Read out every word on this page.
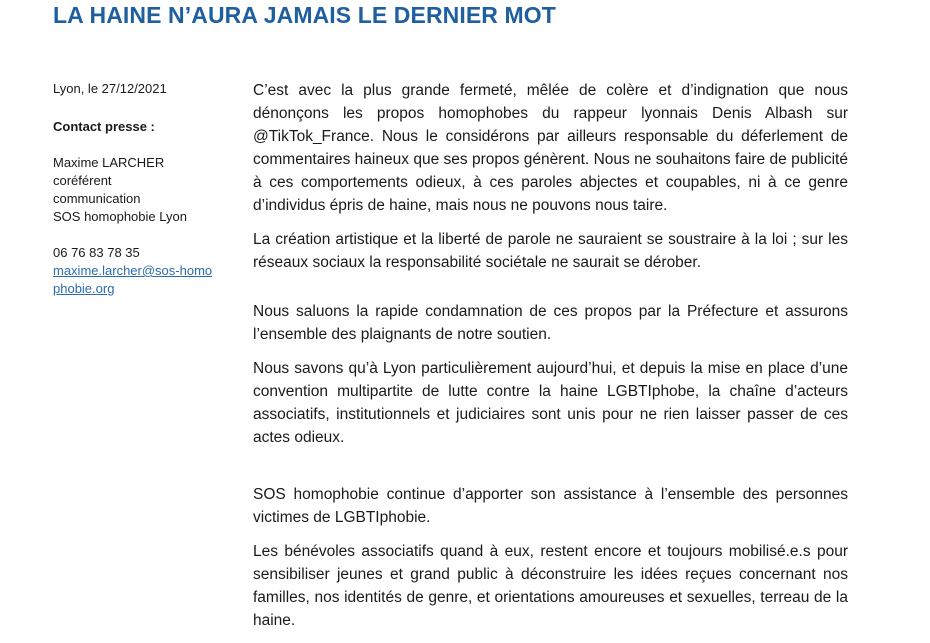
LA HAINE N’AURA JAMAIS LE DERNIER MOT
Lyon, le 27/12/2021
Contact presse :
Maxime LARCHER
coréférent
communication
SOS homophobie Lyon
06 76 83 78 35
maxime.larcher@sos-homophobie.org

C’est avec la plus grande fermeté, mêlée de colère et d’indignation que nous dénonçons les propos homophobes du rappeur lyonnais Denis Albash sur @TikTok_France. Nous le considérons par ailleurs responsable du déferlement de commentaires haineux que ses propos génèrent. Nous ne souhaitons faire de publicité à ces comportements odieux, à ces paroles abjectes et coupables, ni à ce genre d’individus épris de haine, mais nous ne pouvons nous taire.

La création artistique et la liberté de parole ne sauraient se soustraire à la loi ; sur les réseaux sociaux la responsabilité sociétale ne saurait se dérober.

Nous saluons la rapide condamnation de ces propos par la Préfecture et assurons l’ensemble des plaignants de notre soutien.

Nous savons qu’à Lyon particulièrement aujourd’hui, et depuis la mise en place d’une convention multipartite de lutte contre la haine LGBTIphobe, la chaîne d’acteurs associatifs, institutionnels et judiciaires sont unis pour ne rien laisser passer de ces actes odieux.

SOS homophobie continue d’apporter son assistance à l’ensemble des personnes victimes de LGBTIphobie.

Les bénévoles associatifs quand à eux, restent encore et toujours mobilisé.e.s pour sensibiliser jeunes et grand public à déconstruire les idées reçues concernant nos familles, nos identités de genre, et orientations amoureuses et sexuelles, terreau de la haine.
